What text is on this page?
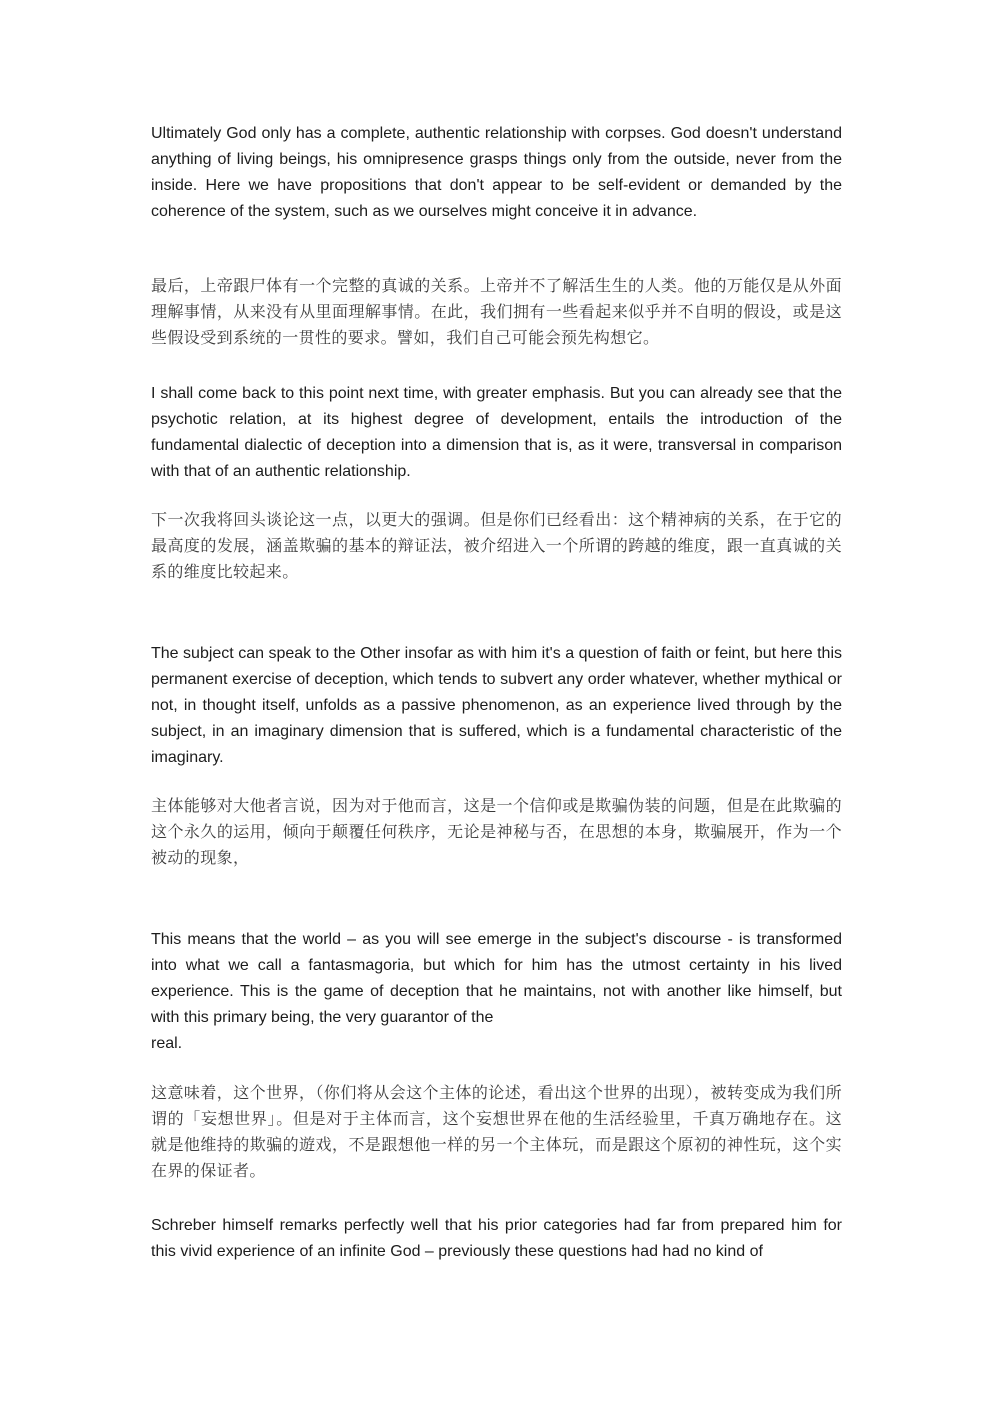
Ultimately God only has a complete, authentic relationship with corpses. God doesn't understand anything of living beings, his omnipresence grasps things only from the outside, never from the inside. Here we have propositions that don't appear to be self-evident or demanded by the coherence of the system, such as we ourselves might conceive it in advance.

最后，上帝跟尸体有一个完整的真诚的关系。上帝并不了解活生生的人类。他的万能仅是从外面理解事情，从来没有从里面理解事情。在此，我们拥有一些看起来似乎并不自明的假设，或是这些假设受到系统的一贯性的要求。譬如，我们自己可能会预先构想它。

I shall come back to this point next time, with greater emphasis. But you can already see that the psychotic relation, at its highest degree of development, entails the introduction of the fundamental dialectic of deception into a dimension that is, as it were, transversal in comparison with that of an authentic relationship.

下一次我将回头谈论这一点，以更大的强调。但是你们已经看出：这个精神病的关系，在于它的最高度的发展，涵盖欺骗的基本的辩证法，被介绍进入一个所谓的跨越的维度，跟一直真诚的关系的维度比较起来。

The subject can speak to the Other insofar as with him it's a question of faith or feint, but here this permanent exercise of deception, which tends to subvert any order whatever, whether mythical or not, in thought itself, unfolds as a passive phenomenon, as an experience lived through by the subject, in an imaginary dimension that is suffered, which is a fundamental characteristic of the imaginary.

主体能够对大他者言说，因为对于他而言，这是一个信仰或是欺骗伪装的问题，但是在此欺骗的这个永久的运用，倾向于颠覆任何秩序，无论是神秘与否，在思想的本身，欺骗展开，作为一个被动的现象，

This means that the world – as you will see emerge in the subject's discourse - is transformed into what we call a fantasmagoria, but which for him has the utmost certainty in his lived experience. This is the game of deception that he maintains, not with another like himself, but with this primary being, the very guarantor of the
real.

这意味着，这个世界，（你们将从会这个主体的论述，看出这个世界的出现），被转变成为我们所谓的「妄想世界」。但是对于主体而言，这个妄想世界在他的生活经验里，千真万确地存在。这就是他维持的欺骗的遊戏，不是跟想他一样的另一个主体玩，而是跟这个原初的神性玩，这个实在界的保证者。

Schreber himself remarks perfectly well that his prior categories had far from prepared him for this vivid experience of an infinite God – previously these questions had had no kind of
